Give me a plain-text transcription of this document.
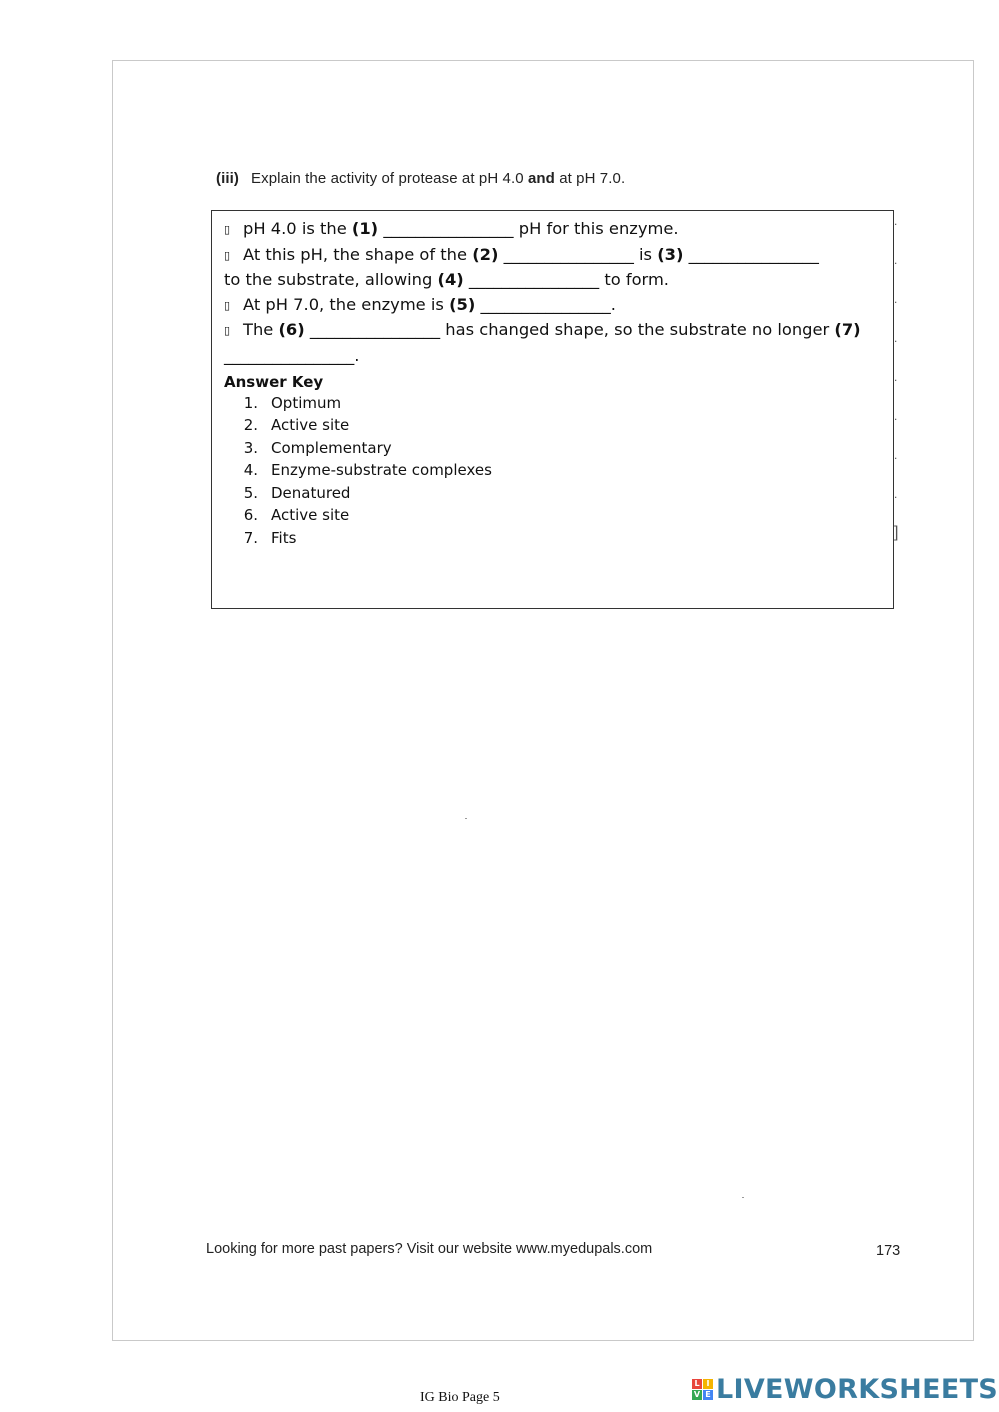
(iii) Explain the activity of protease at pH 4.0 and at pH 7.0.
.
.
.
.
.
.
.
.
]
▯ pH 4.0 is the (1) ________________ pH for this enzyme.
▯ At this pH, the shape of the (2) ________________ is (3) ________________
to the substrate, allowing (4) ________________ to form.
▯ At pH 7.0, the enzyme is (5) ________________.
▯ The (6) ________________ has changed shape, so the substrate no longer (7)
________________.
Answer Key
1. Optimum
2. Active site
3. Complementary
4. Enzyme-substrate complexes
5. Denatured
6. Active site
7. Fits
Looking for more past papers? Visit our website www.myedupals.com	173
IG Bio Page 5
L I
V E LIVEWORKSHEETS
